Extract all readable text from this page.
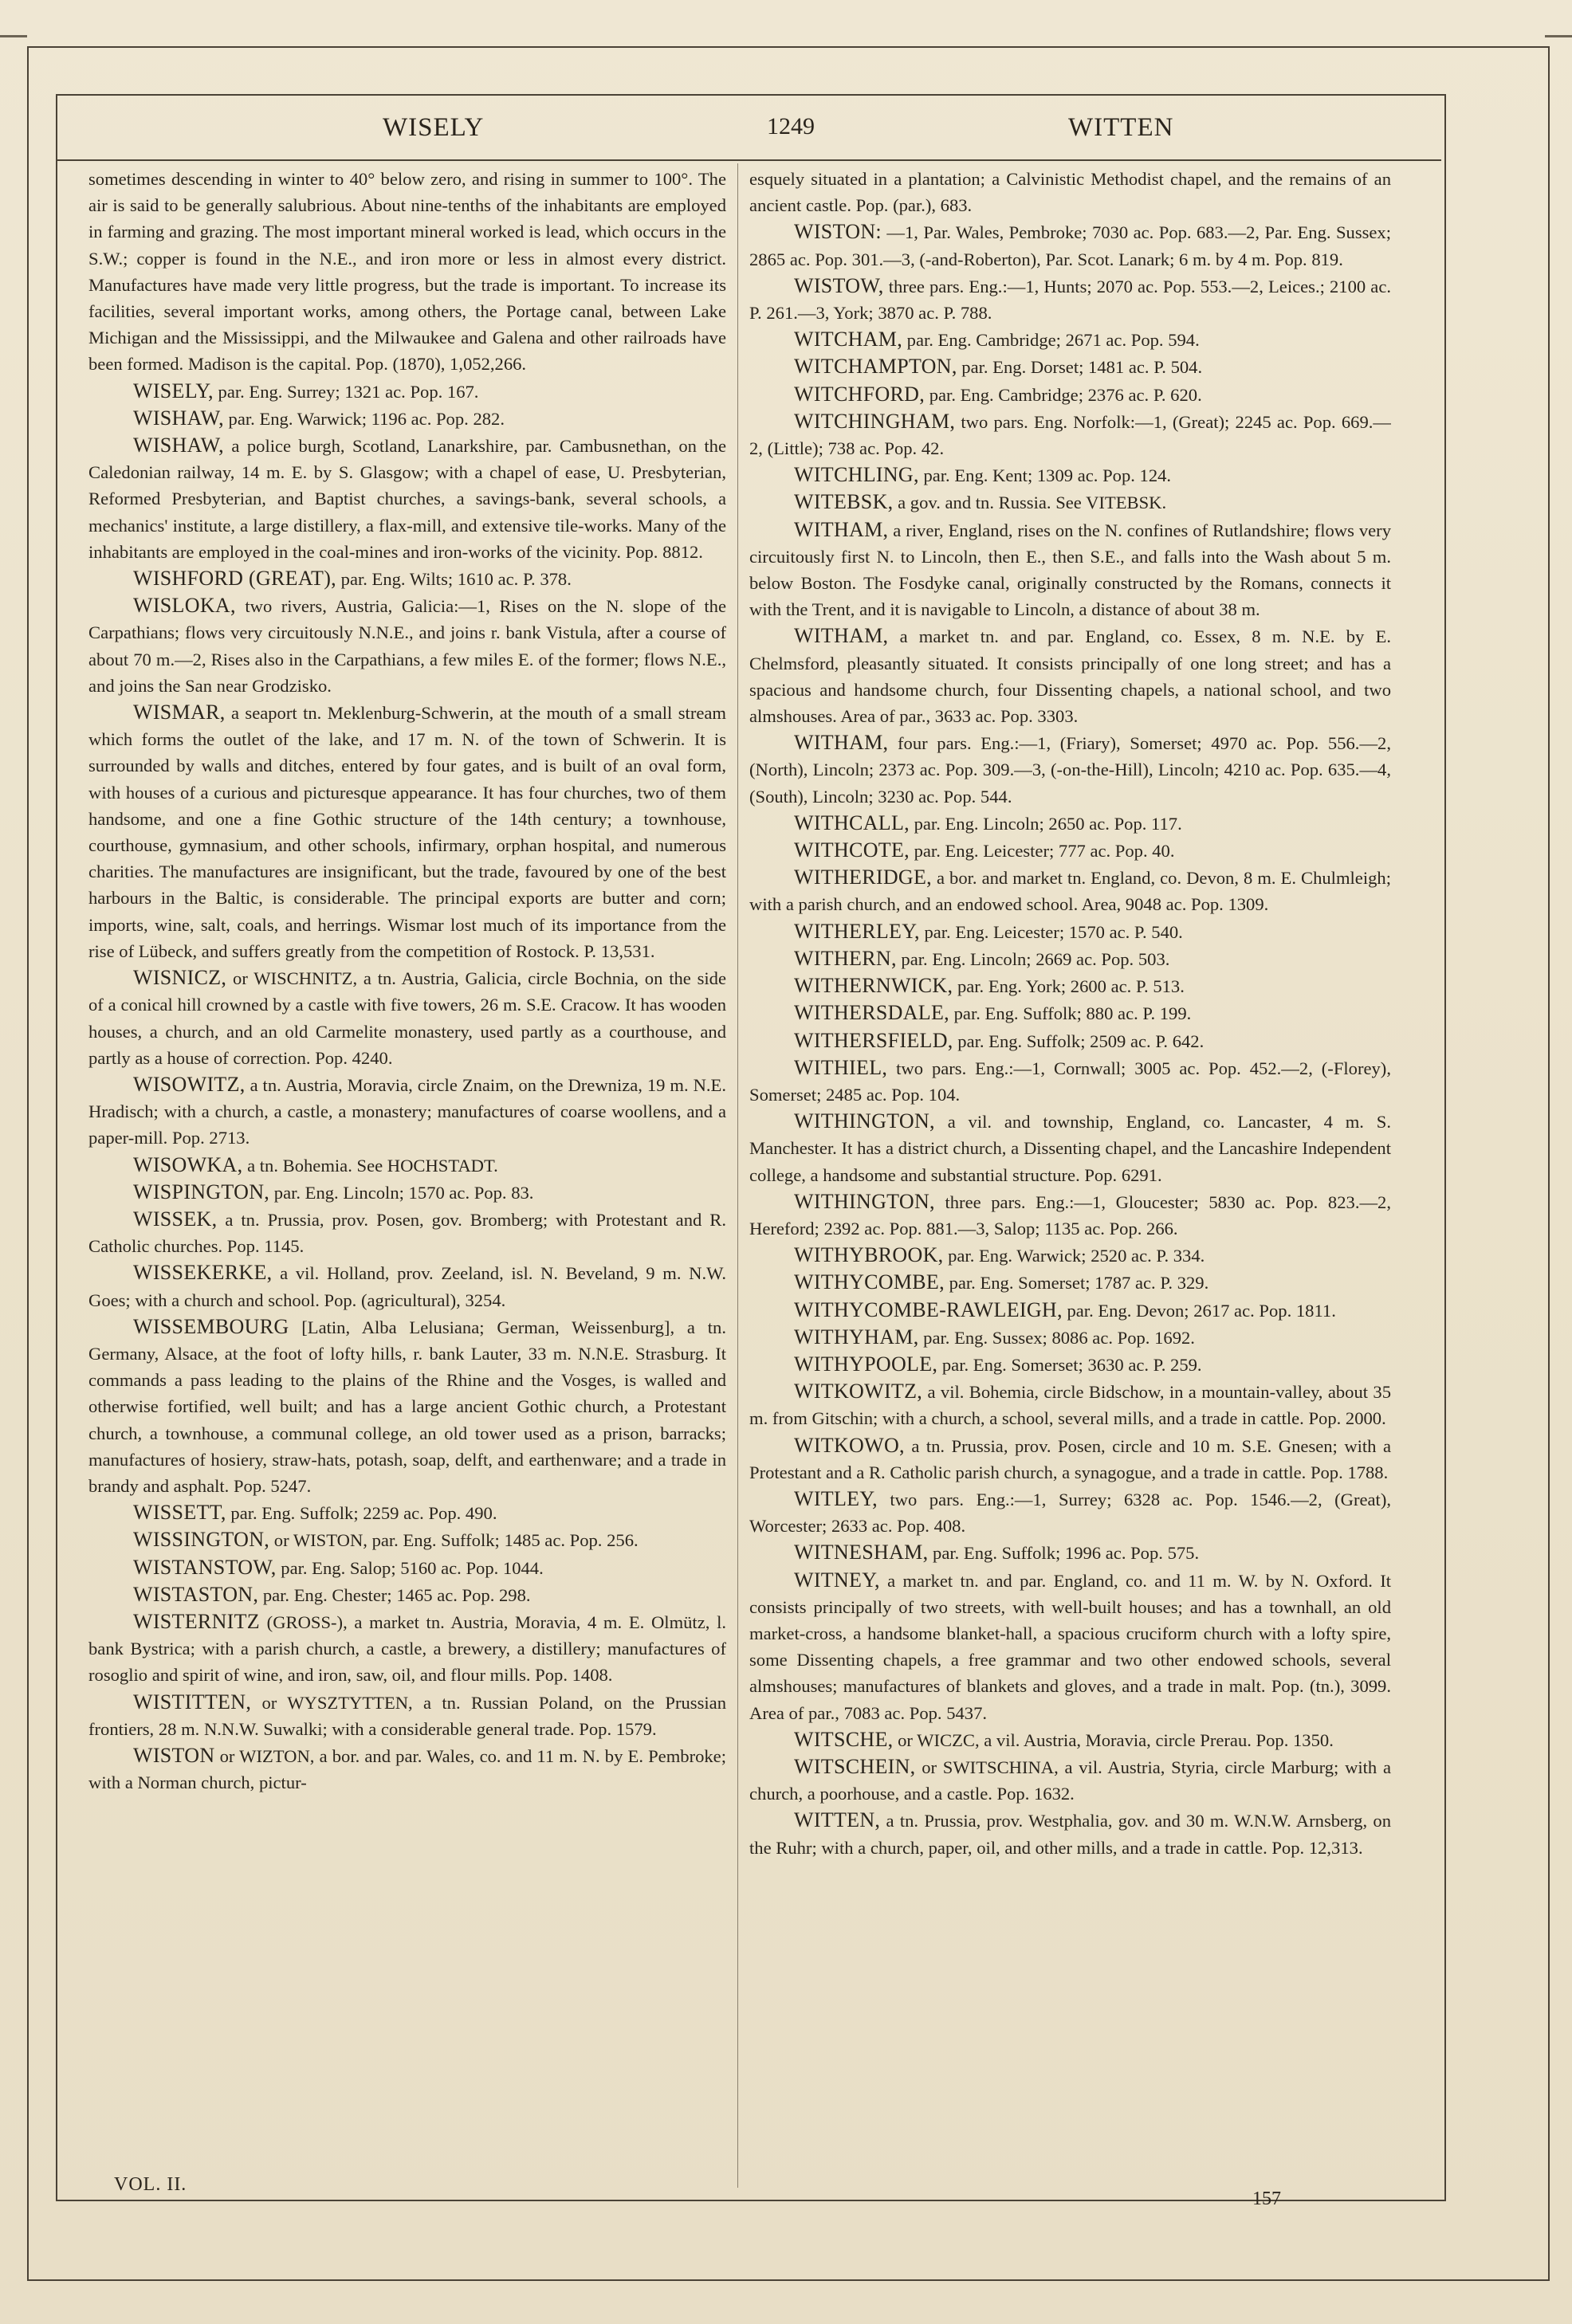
WISELY	1249	WITTEN

sometimes descending in winter to 40° below zero, and rising in summer to 100°. The air is said to be generally salubrious. About nine-tenths of the inhabitants are employed in farming and grazing. The most important mineral worked is lead, which occurs in the S.W.; copper is found in the N.E., and iron more or less in almost every district. Manufactures have made very little progress, but the trade is important. To increase its facilities, several important works, among others, the Portage canal, between Lake Michigan and the Mississippi, and the Milwaukee and Galena and other railroads have been formed. Madison is the capital. Pop. (1870), 1,052,266.

WISELY, par. Eng. Surrey; 1321 ac. Pop. 167.

WISHAW, par. Eng. Warwick; 1196 ac. Pop. 282.

WISHAW, a police burgh, Scotland, Lanarkshire, par. Cambusnethan, on the Caledonian railway, 14 m. E. by S. Glasgow; with a chapel of ease, U. Presbyterian, Reformed Presbyterian, and Baptist churches, a savings-bank, several schools, a mechanics' institute, a large distillery, a flax-mill, and extensive tile-works. Many of the inhabitants are employed in the coal-mines and iron-works of the vicinity. Pop. 8812.

WISHFORD (GREAT), par. Eng. Wilts; 1610 ac. P. 378.

WISLOKA, two rivers, Austria, Galicia:—1, Rises on the N. slope of the Carpathians; flows very circuitously N.N.E., and joins r. bank Vistula, after a course of about 70 m.—2, Rises also in the Carpathians, a few miles E. of the former; flows N.E., and joins the San near Grodzisko.

WISMAR, a seaport tn. Meklenburg-Schwerin, at the mouth of a small stream which forms the outlet of the lake, and 17 m. N. of the town of Schwerin. It is surrounded by walls and ditches, entered by four gates, and is built of an oval form, with houses of a curious and picturesque appearance. It has four churches, two of them handsome, and one a fine Gothic structure of the 14th century; a townhouse, courthouse, gymnasium, and other schools, infirmary, orphan hospital, and numerous charities. The manufactures are insignificant, but the trade, favoured by one of the best harbours in the Baltic, is considerable. The principal exports are butter and corn; imports, wine, salt, coals, and herrings. Wismar lost much of its importance from the rise of Lübeck, and suffers greatly from the competition of Rostock. P. 13,531.

WISNICZ, or WISCHNITZ, a tn. Austria, Galicia, circle Bochnia, on the side of a conical hill crowned by a castle with five towers, 26 m. S.E. Cracow. It has wooden houses, a church, and an old Carmelite monastery, used partly as a courthouse, and partly as a house of correction. Pop. 4240.

WISOWITZ, a tn. Austria, Moravia, circle Znaim, on the Drewniza, 19 m. N.E. Hradisch; with a church, a castle, a monastery; manufactures of coarse woollens, and a paper-mill. Pop. 2713.

WISOWKA, a tn. Bohemia. See HOCHSTADT.

WISPINGTON, par. Eng. Lincoln; 1570 ac. Pop. 83.

WISSEK, a tn. Prussia, prov. Posen, gov. Bromberg; with Protestant and R. Catholic churches. Pop. 1145.

WISSEKERKE, a vil. Holland, prov. Zeeland, isl. N. Beveland, 9 m. N.W. Goes; with a church and school. Pop. (agricultural), 3254.

WISSEMBOURG [Latin, Alba Lelusiana; German, Weissenburg], a tn. Germany, Alsace, at the foot of lofty hills, r. bank Lauter, 33 m. N.N.E. Strasburg. It commands a pass leading to the plains of the Rhine and the Vosges, is walled and otherwise fortified, well built; and has a large ancient Gothic church, a Protestant church, a townhouse, a communal college, an old tower used as a prison, barracks; manufactures of hosiery, straw-hats, potash, soap, delft, and earthenware; and a trade in brandy and asphalt. Pop. 5247.

WISSETT, par. Eng. Suffolk; 2259 ac. Pop. 490.

WISSINGTON, or WISTON, par. Eng. Suffolk; 1485 ac. Pop. 256.

WISTANSTOW, par. Eng. Salop; 5160 ac. Pop. 1044.

WISTASTON, par. Eng. Chester; 1465 ac. Pop. 298.

WISTERNITZ (GROSS-), a market tn. Austria, Moravia, 4 m. E. Olmütz, l. bank Bystrica; with a parish church, a castle, a brewery, a distillery; manufactures of rosoglio and spirit of wine, and iron, saw, oil, and flour mills. Pop. 1408.

WISTITTEN, or WYSZTYTTEN, a tn. Russian Poland, on the Prussian frontiers, 28 m. N.N.W. Suwalki; with a considerable general trade. Pop. 1579.

WISTON or WIZTON, a bor. and par. Wales, co. and 11 m. N. by E. Pembroke; with a Norman church, pictur-

esquely situated in a plantation; a Calvinistic Methodist chapel, and the remains of an ancient castle. Pop. (par.), 683.

WISTON: —1, Par. Wales, Pembroke; 7030 ac. Pop. 683.—2, Par. Eng. Sussex; 2865 ac. Pop. 301.—3, (-and-Roberton), Par. Scot. Lanark; 6 m. by 4 m. Pop. 819.

WISTOW, three pars. Eng.:—1, Hunts; 2070 ac. Pop. 553.—2, Leices.; 2100 ac. P. 261.—3, York; 3870 ac. P. 788.

WITCHAM, par. Eng. Cambridge; 2671 ac. Pop. 594.

WITCHAMPTON, par. Eng. Dorset; 1481 ac. P. 504.

WITCHFORD, par. Eng. Cambridge; 2376 ac. P. 620.

WITCHINGHAM, two pars. Eng. Norfolk:—1, (Great); 2245 ac. Pop. 669.—2, (Little); 738 ac. Pop. 42.

WITCHLING, par. Eng. Kent; 1309 ac. Pop. 124.

WITEBSK, a gov. and tn. Russia. See VITEBSK.

WITHAM, a river, England, rises on the N. confines of Rutlandshire; flows very circuitously first N. to Lincoln, then E., then S.E., and falls into the Wash about 5 m. below Boston. The Fosdyke canal, originally constructed by the Romans, connects it with the Trent, and it is navigable to Lincoln, a distance of about 38 m.

WITHAM, a market tn. and par. England, co. Essex, 8 m. N.E. by E. Chelmsford, pleasantly situated. It consists principally of one long street; and has a spacious and handsome church, four Dissenting chapels, a national school, and two almshouses. Area of par., 3633 ac. Pop. 3303.

WITHAM, four pars. Eng.:—1, (Friary), Somerset; 4970 ac. Pop. 556.—2, (North), Lincoln; 2373 ac. Pop. 309.—3, (-on-the-Hill), Lincoln; 4210 ac. Pop. 635.—4, (South), Lincoln; 3230 ac. Pop. 544.

WITHCALL, par. Eng. Lincoln; 2650 ac. Pop. 117.

WITHCOTE, par. Eng. Leicester; 777 ac. Pop. 40.

WITHERIDGE, a bor. and market tn. England, co. Devon, 8 m. E. Chulmleigh; with a parish church, and an endowed school. Area, 9048 ac. Pop. 1309.

WITHERLEY, par. Eng. Leicester; 1570 ac. P. 540.

WITHERN, par. Eng. Lincoln; 2669 ac. Pop. 503.

WITHERNWICK, par. Eng. York; 2600 ac. P. 513.

WITHERSDALE, par. Eng. Suffolk; 880 ac. P. 199.

WITHERSFIELD, par. Eng. Suffolk; 2509 ac. P. 642.

WITHIEL, two pars. Eng.:—1, Cornwall; 3005 ac. Pop. 452.—2, (-Florey), Somerset; 2485 ac. Pop. 104.

WITHINGTON, a vil. and township, England, co. Lancaster, 4 m. S. Manchester. It has a district church, a Dissenting chapel, and the Lancashire Independent college, a handsome and substantial structure. Pop. 6291.

WITHINGTON, three pars. Eng.:—1, Gloucester; 5830 ac. Pop. 823.—2, Hereford; 2392 ac. Pop. 881.—3, Salop; 1135 ac. Pop. 266.

WITHYBROOK, par. Eng. Warwick; 2520 ac. P. 334.

WITHYCOMBE, par. Eng. Somerset; 1787 ac. P. 329.

WITHYCOMBE-RAWLEIGH, par. Eng. Devon; 2617 ac. Pop. 1811.

WITHYHAM, par. Eng. Sussex; 8086 ac. Pop. 1692.

WITHYPOOLE, par. Eng. Somerset; 3630 ac. P. 259.

WITKOWITZ, a vil. Bohemia, circle Bidschow, in a mountain-valley, about 35 m. from Gitschin; with a church, a school, several mills, and a trade in cattle. Pop. 2000.

WITKOWO, a tn. Prussia, prov. Posen, circle and 10 m. S.E. Gnesen; with a Protestant and a R. Catholic parish church, a synagogue, and a trade in cattle. Pop. 1788.

WITLEY, two pars. Eng.:—1, Surrey; 6328 ac. Pop. 1546.—2, (Great), Worcester; 2633 ac. Pop. 408.

WITNESHAM, par. Eng. Suffolk; 1996 ac. Pop. 575.

WITNEY, a market tn. and par. England, co. and 11 m. W. by N. Oxford. It consists principally of two streets, with well-built houses; and has a townhall, an old market-cross, a handsome blanket-hall, a spacious cruciform church with a lofty spire, some Dissenting chapels, a free grammar and two other endowed schools, several almshouses; manufactures of blankets and gloves, and a trade in malt. Pop. (tn.), 3099. Area of par., 7083 ac. Pop. 5437.

WITSCHE, or WICZC, a vil. Austria, Moravia, circle Prerau. Pop. 1350.

WITSCHEIN, or SWITSCHINA, a vil. Austria, Styria, circle Marburg; with a church, a poorhouse, and a castle. Pop. 1632.

WITTEN, a tn. Prussia, prov. Westphalia, gov. and 30 m. W.N.W. Arnsberg, on the Ruhr; with a church, paper, oil, and other mills, and a trade in cattle. Pop. 12,313.

VOL. II.
157
